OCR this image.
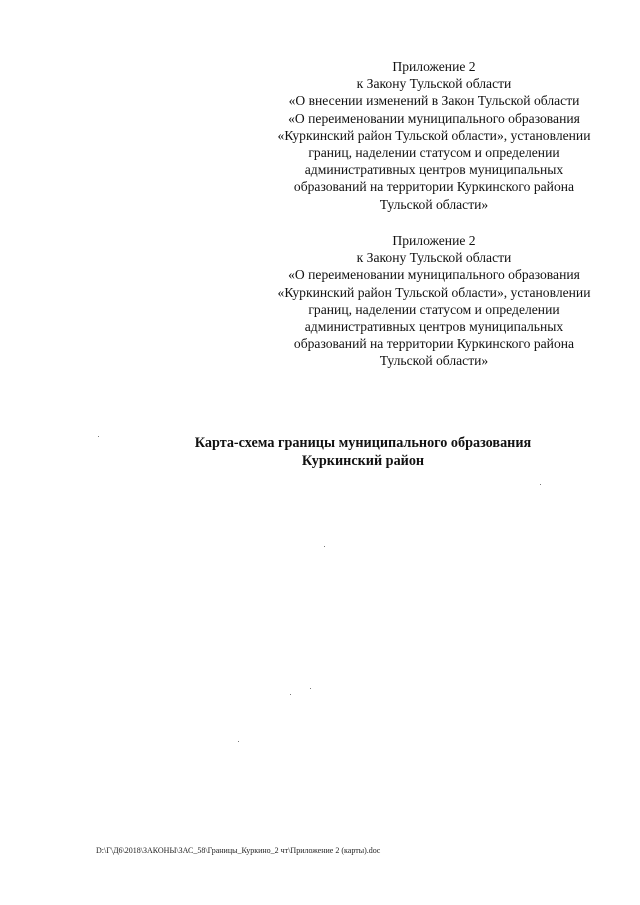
Приложение 2
к Закону Тульской области
«О внесении изменений в Закон Тульской области
«О переименовании муниципального образования
«Куркинский район Тульской области», установлении
границ, наделении статусом и определении
административных центров муниципальных
образований на территории Куркинского района
Тульской области»
Приложение 2
к Закону Тульской области
«О переименовании муниципального образования
«Куркинский район Тульской области», установлении
границ, наделении статусом и определении
административных центров муниципальных
образований на территории Куркинского района
Тульской области»
Карта-схема границы муниципального образования
Куркинский район
D:\Г\Д6\2018\ЗАКОНЫ\ЗАС_58\Границы_Куркино_2 чт\Приложение 2 (карты).doc
